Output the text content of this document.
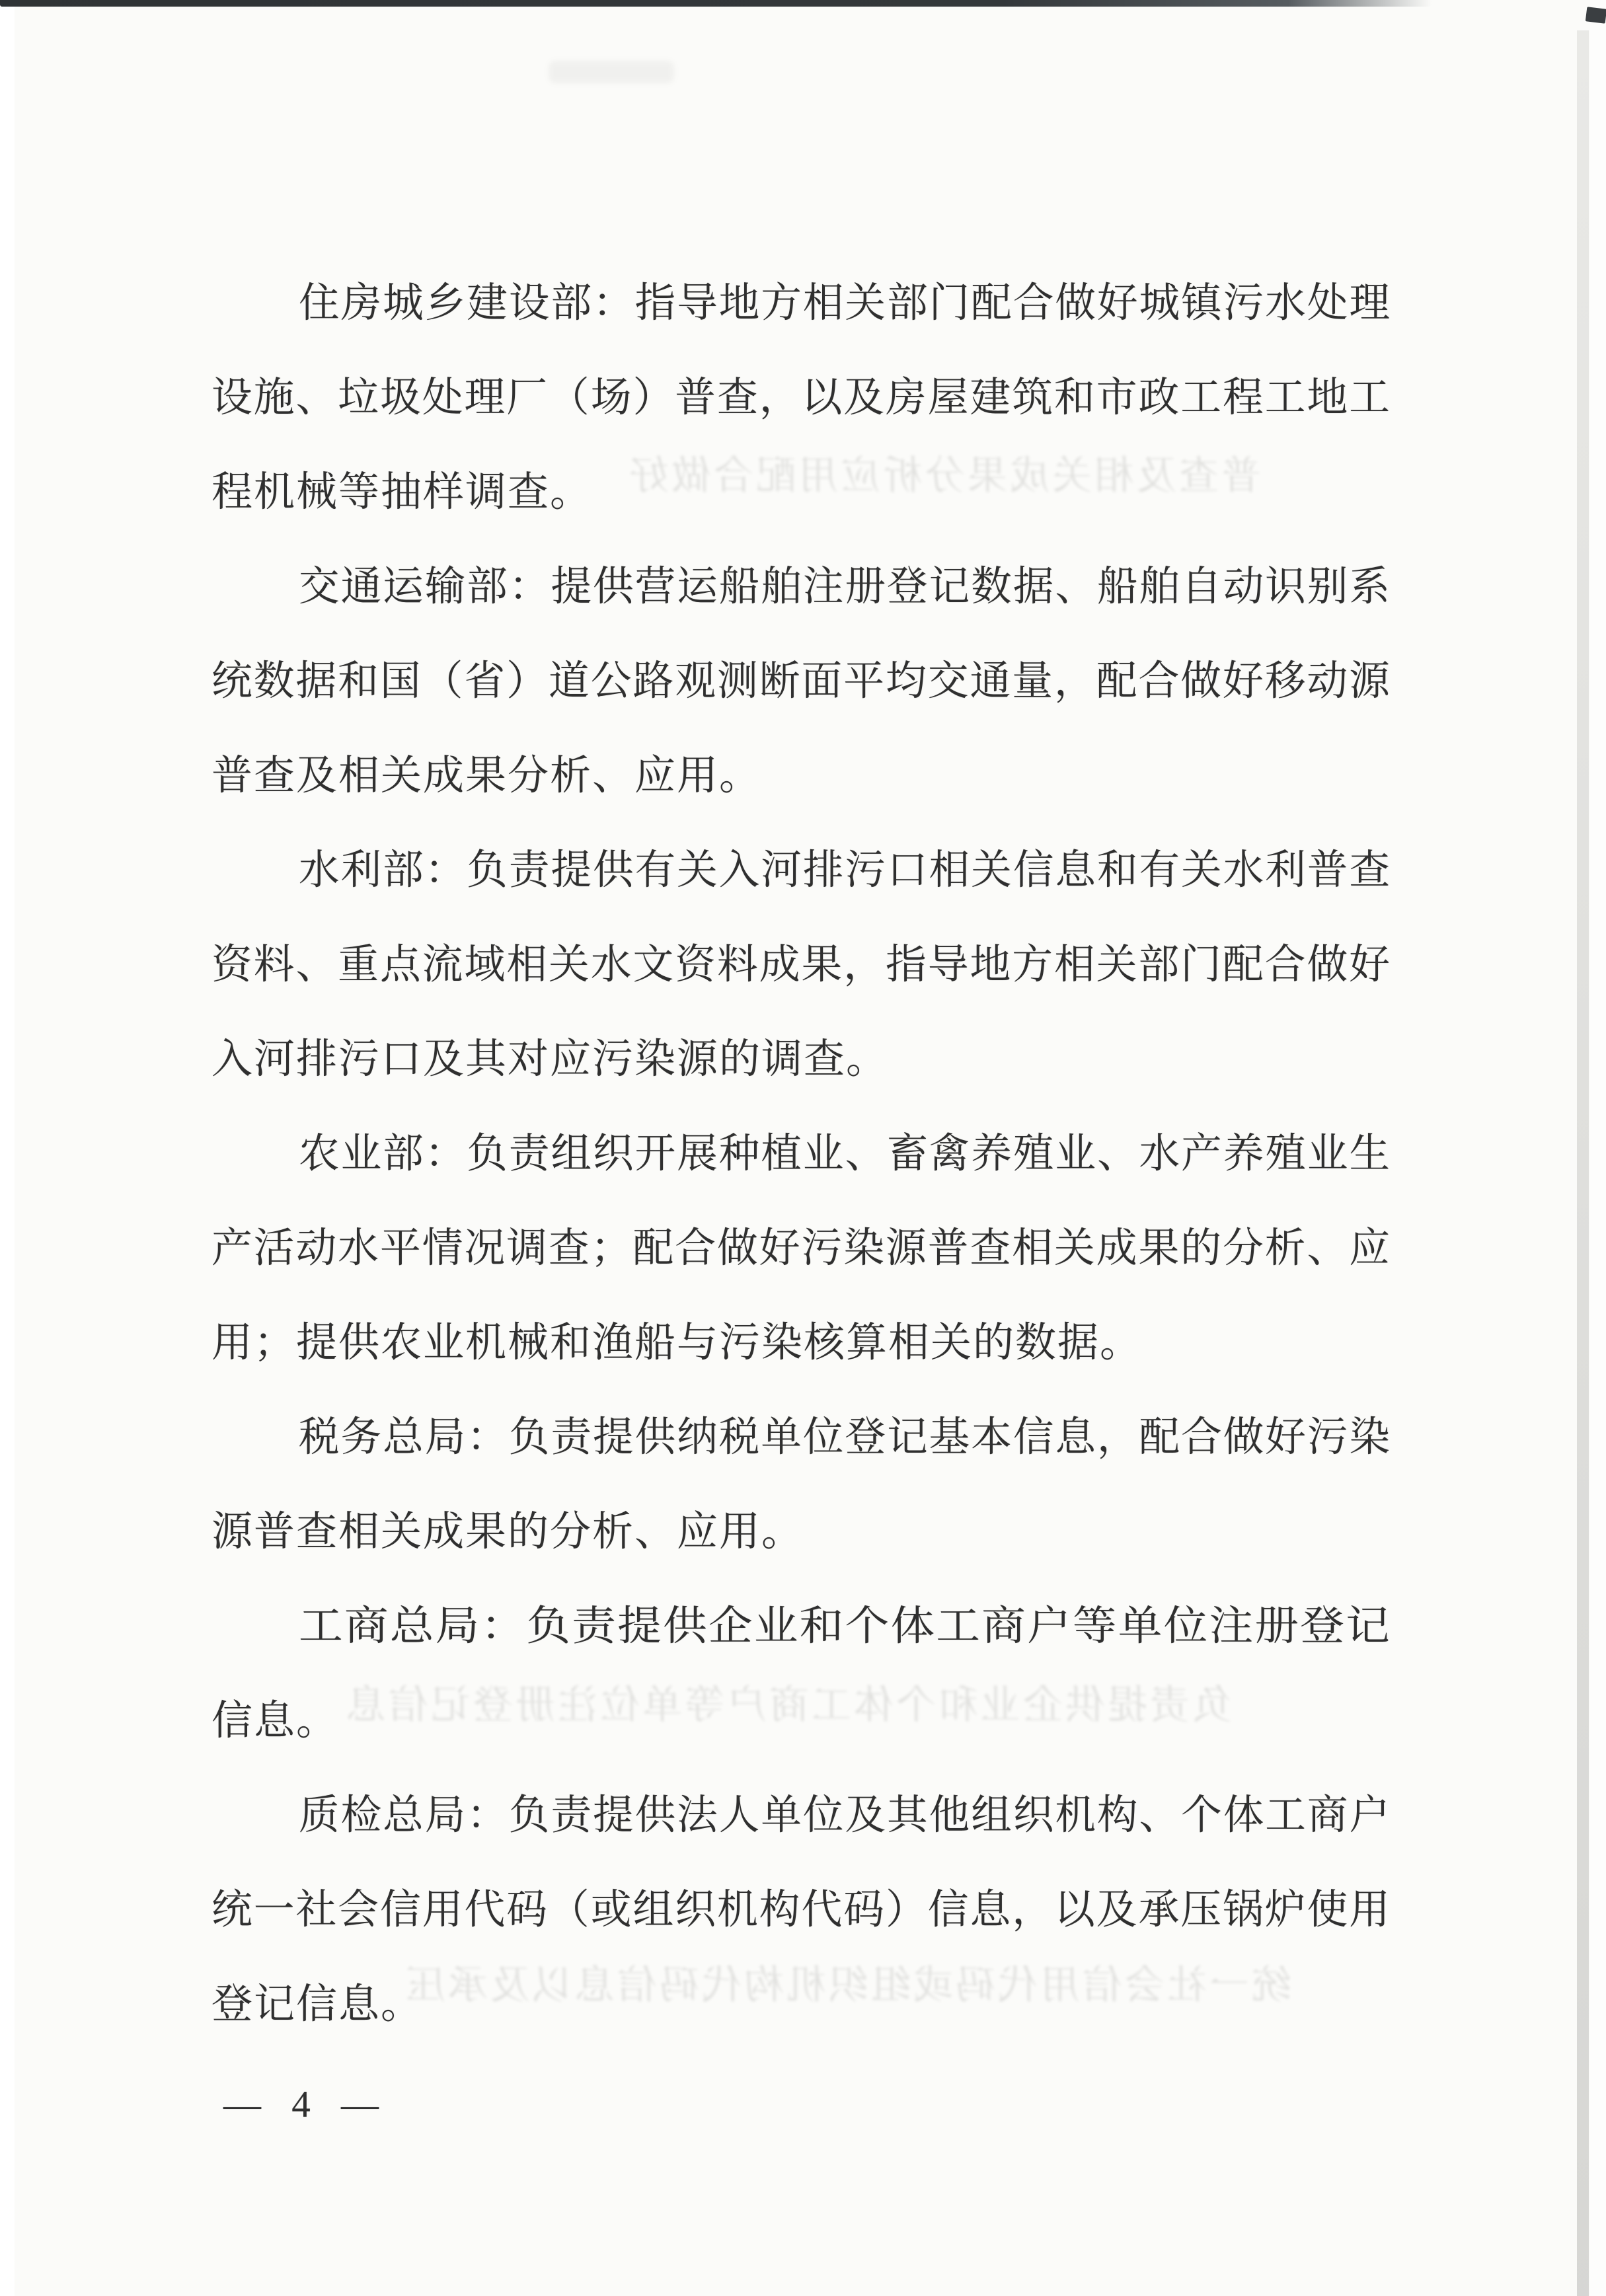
住房城乡建设部：指导地方相关部门配合做好城镇污水处理
设施、垃圾处理厂（场）普查，以及房屋建筑和市政工程工地工
程机械等抽样调查。
交通运输部：提供营运船舶注册登记数据、船舶自动识别系
统数据和国（省）道公路观测断面平均交通量，配合做好移动源
普查及相关成果分析、应用。
水利部：负责提供有关入河排污口相关信息和有关水利普查
资料、重点流域相关水文资料成果，指导地方相关部门配合做好
入河排污口及其对应污染源的调查。
农业部：负责组织开展种植业、畜禽养殖业、水产养殖业生
产活动水平情况调查；配合做好污染源普查相关成果的分析、应
用；提供农业机械和渔船与污染核算相关的数据。
税务总局：负责提供纳税单位登记基本信息，配合做好污染
源普查相关成果的分析、应用。
工商总局：负责提供企业和个体工商户等单位注册登记
信息。
质检总局：负责提供法人单位及其他组织机构、个体工商户
统一社会信用代码（或组织机构代码）信息，以及承压锅炉使用
登记信息。
普查及相关成果分析应用配合做好
负责提供企业和个体工商户等单位注册登记信息
统一社会信用代码或组织机构代码信息以及承压
— 4 —
